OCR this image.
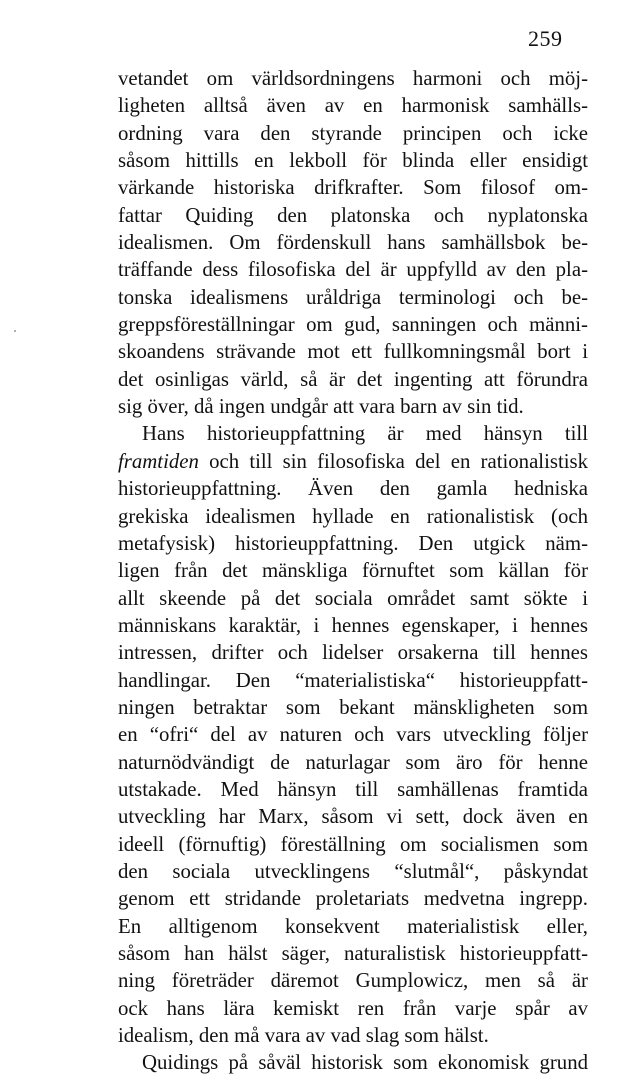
259
vetandet om världsordningens harmoni och möj-
ligheten alltså även av en harmonisk samhälls-
ordning vara den styrande principen och icke
såsom hittills en lekboll för blinda eller ensidigt
värkande historiska drifkrafter. Som filosof om-
fattar Quiding den platonska och nyplatonska
idealismen. Om fördenskull hans samhällsbok be-
träffande dess filosofiska del är uppfylld av den pla-
tonska idealismens uråldriga terminologi och be-
greppsföreställningar om gud, sanningen och männi-
skoandens strävande mot ett fullkomningsmål bort i
det osinligas värld, så är det ingenting att förundra
sig över, då ingen undgår att vara barn av sin tid.
Hans historieuppfattning är med hänsyn till
framtiden och till sin filosofiska del en rationalistisk
historieuppfattning. Även den gamla hedniska
grekiska idealismen hyllade en rationalistisk (och
metafysisk) historieuppfattning. Den utgick näm-
ligen från det mänskliga förnuftet som källan för
allt skeende på det sociala området samt sökte i
människans karaktär, i hennes egenskaper, i hennes
intressen, drifter och lidelser orsakerna till hennes
handlingar. Den “materialistiska“ historieuppfatt-
ningen betraktar som bekant mänskligheten som
en “ofri“ del av naturen och vars utveckling följer
naturnödvändigt de naturlagar som äro för henne
utstakade. Med hänsyn till samhällenas framtida
utveckling har Marx, såsom vi sett, dock även en
ideell (förnuftig) föreställning om socialismen som
den sociala utvecklingens “slutmål“, påskyndat
genom ett stridande proletariats medvetna ingrepp.
En alltigenom konsekvent materialistisk eller,
såsom han hälst säger, naturalistisk historieuppfatt-
ning företräder däremot Gumplowicz, men så är
ock hans lära kemiskt ren från varje spår av
idealism, den må vara av vad slag som hälst.
Quidings på såväl historisk som ekonomisk grund
